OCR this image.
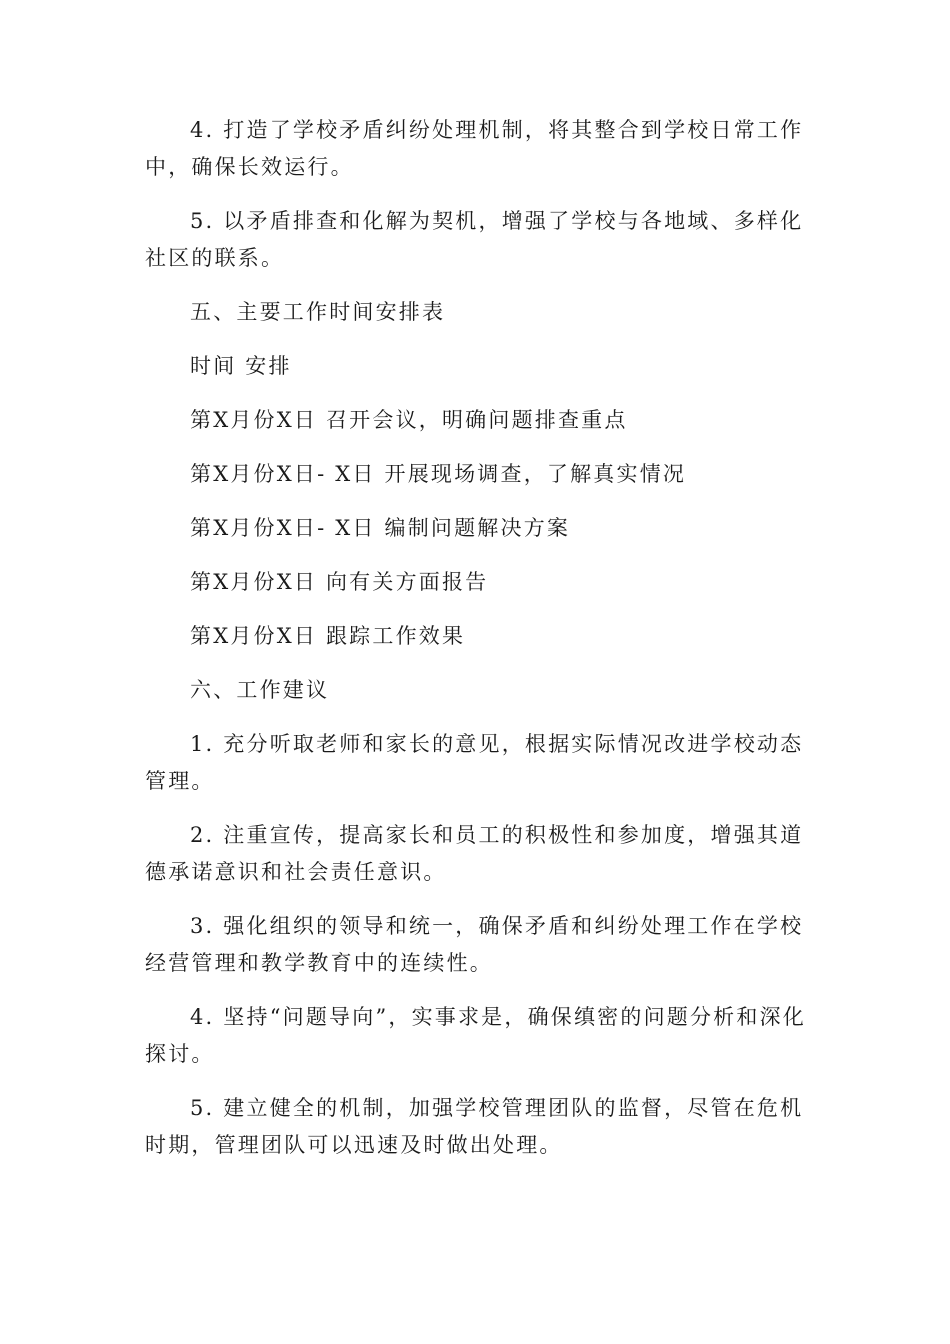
4. 打造了学校矛盾纠纷处理机制，将其整合到学校日常工作中，确保长效运行。

5. 以矛盾排查和化解为契机，增强了学校与各地域、多样化社区的联系。

五、主要工作时间安排表

时间 安排

第X月份X日 召开会议，明确问题排查重点

第X月份X日- X日 开展现场调查，了解真实情况

第X月份X日- X日 编制问题解决方案

第X月份X日 向有关方面报告

第X月份X日 跟踪工作效果

六、工作建议

1. 充分听取老师和家长的意见，根据实际情况改进学校动态管理。

2. 注重宣传，提高家长和员工的积极性和参加度，增强其道德承诺意识和社会责任意识。

3. 强化组织的领导和统一，确保矛盾和纠纷处理工作在学校经营管理和教学教育中的连续性。

4. 坚持“问题导向”，实事求是，确保缜密的问题分析和深化探讨。

5. 建立健全的机制，加强学校管理团队的监督，尽管在危机时期，管理团队可以迅速及时做出处理。
